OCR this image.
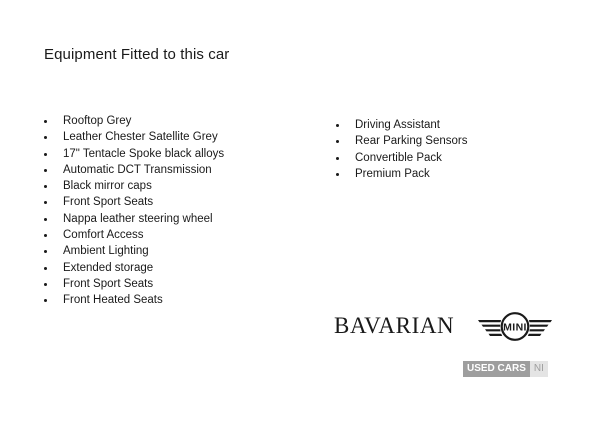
Equipment Fitted to this car
Rooftop Grey
Leather Chester Satellite Grey
17" Tentacle Spoke black alloys
Automatic DCT Transmission
Black mirror caps
Front Sport Seats
Nappa leather steering wheel
Comfort Access
Ambient Lighting
Extended storage
Front Sport Seats
Front Heated Seats
Driving Assistant
Rear Parking Sensors
Convertible Pack
Premium Pack
BAVARIAN	MINI
USED CARS NI
